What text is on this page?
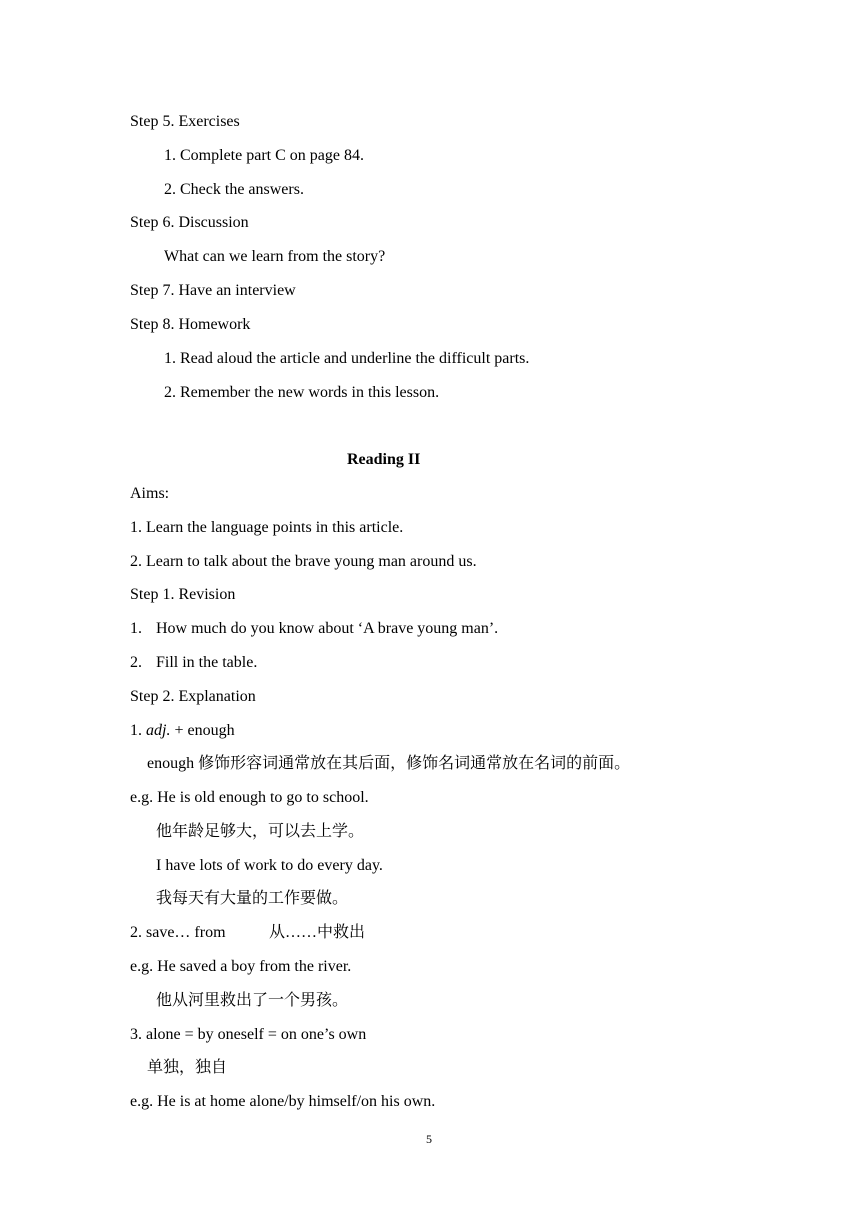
Step 5. Exercises
1. Complete part C on page 84.
2. Check the answers.
Step 6. Discussion
What can we learn from the story?
Step 7. Have an interview
Step 8. Homework
1. Read aloud the article and underline the difficult parts.
2. Remember the new words in this lesson.
Reading II
Aims:
1. Learn the language points in this article.
2. Learn to talk about the brave young man around us.
Step 1. Revision
1. How much do you know about ‘A brave young man’.
2. Fill in the table.
Step 2. Explanation
1. adj. + enough
enough 修饰形容词通常放在其后面，修饰名词通常放在名词的前面。
e.g. He is old enough to go to school.
他年龄足够大，可以去上学。
I have lots of work to do every day.
我每天有大量的工作要做。
2. save… from	从……中救出
e.g. He saved a boy from the river.
他从河里救出了一个男孩。
3. alone = by oneself = on one’s own
单独，独自
e.g. He is at home alone/by himself/on his own.
5
